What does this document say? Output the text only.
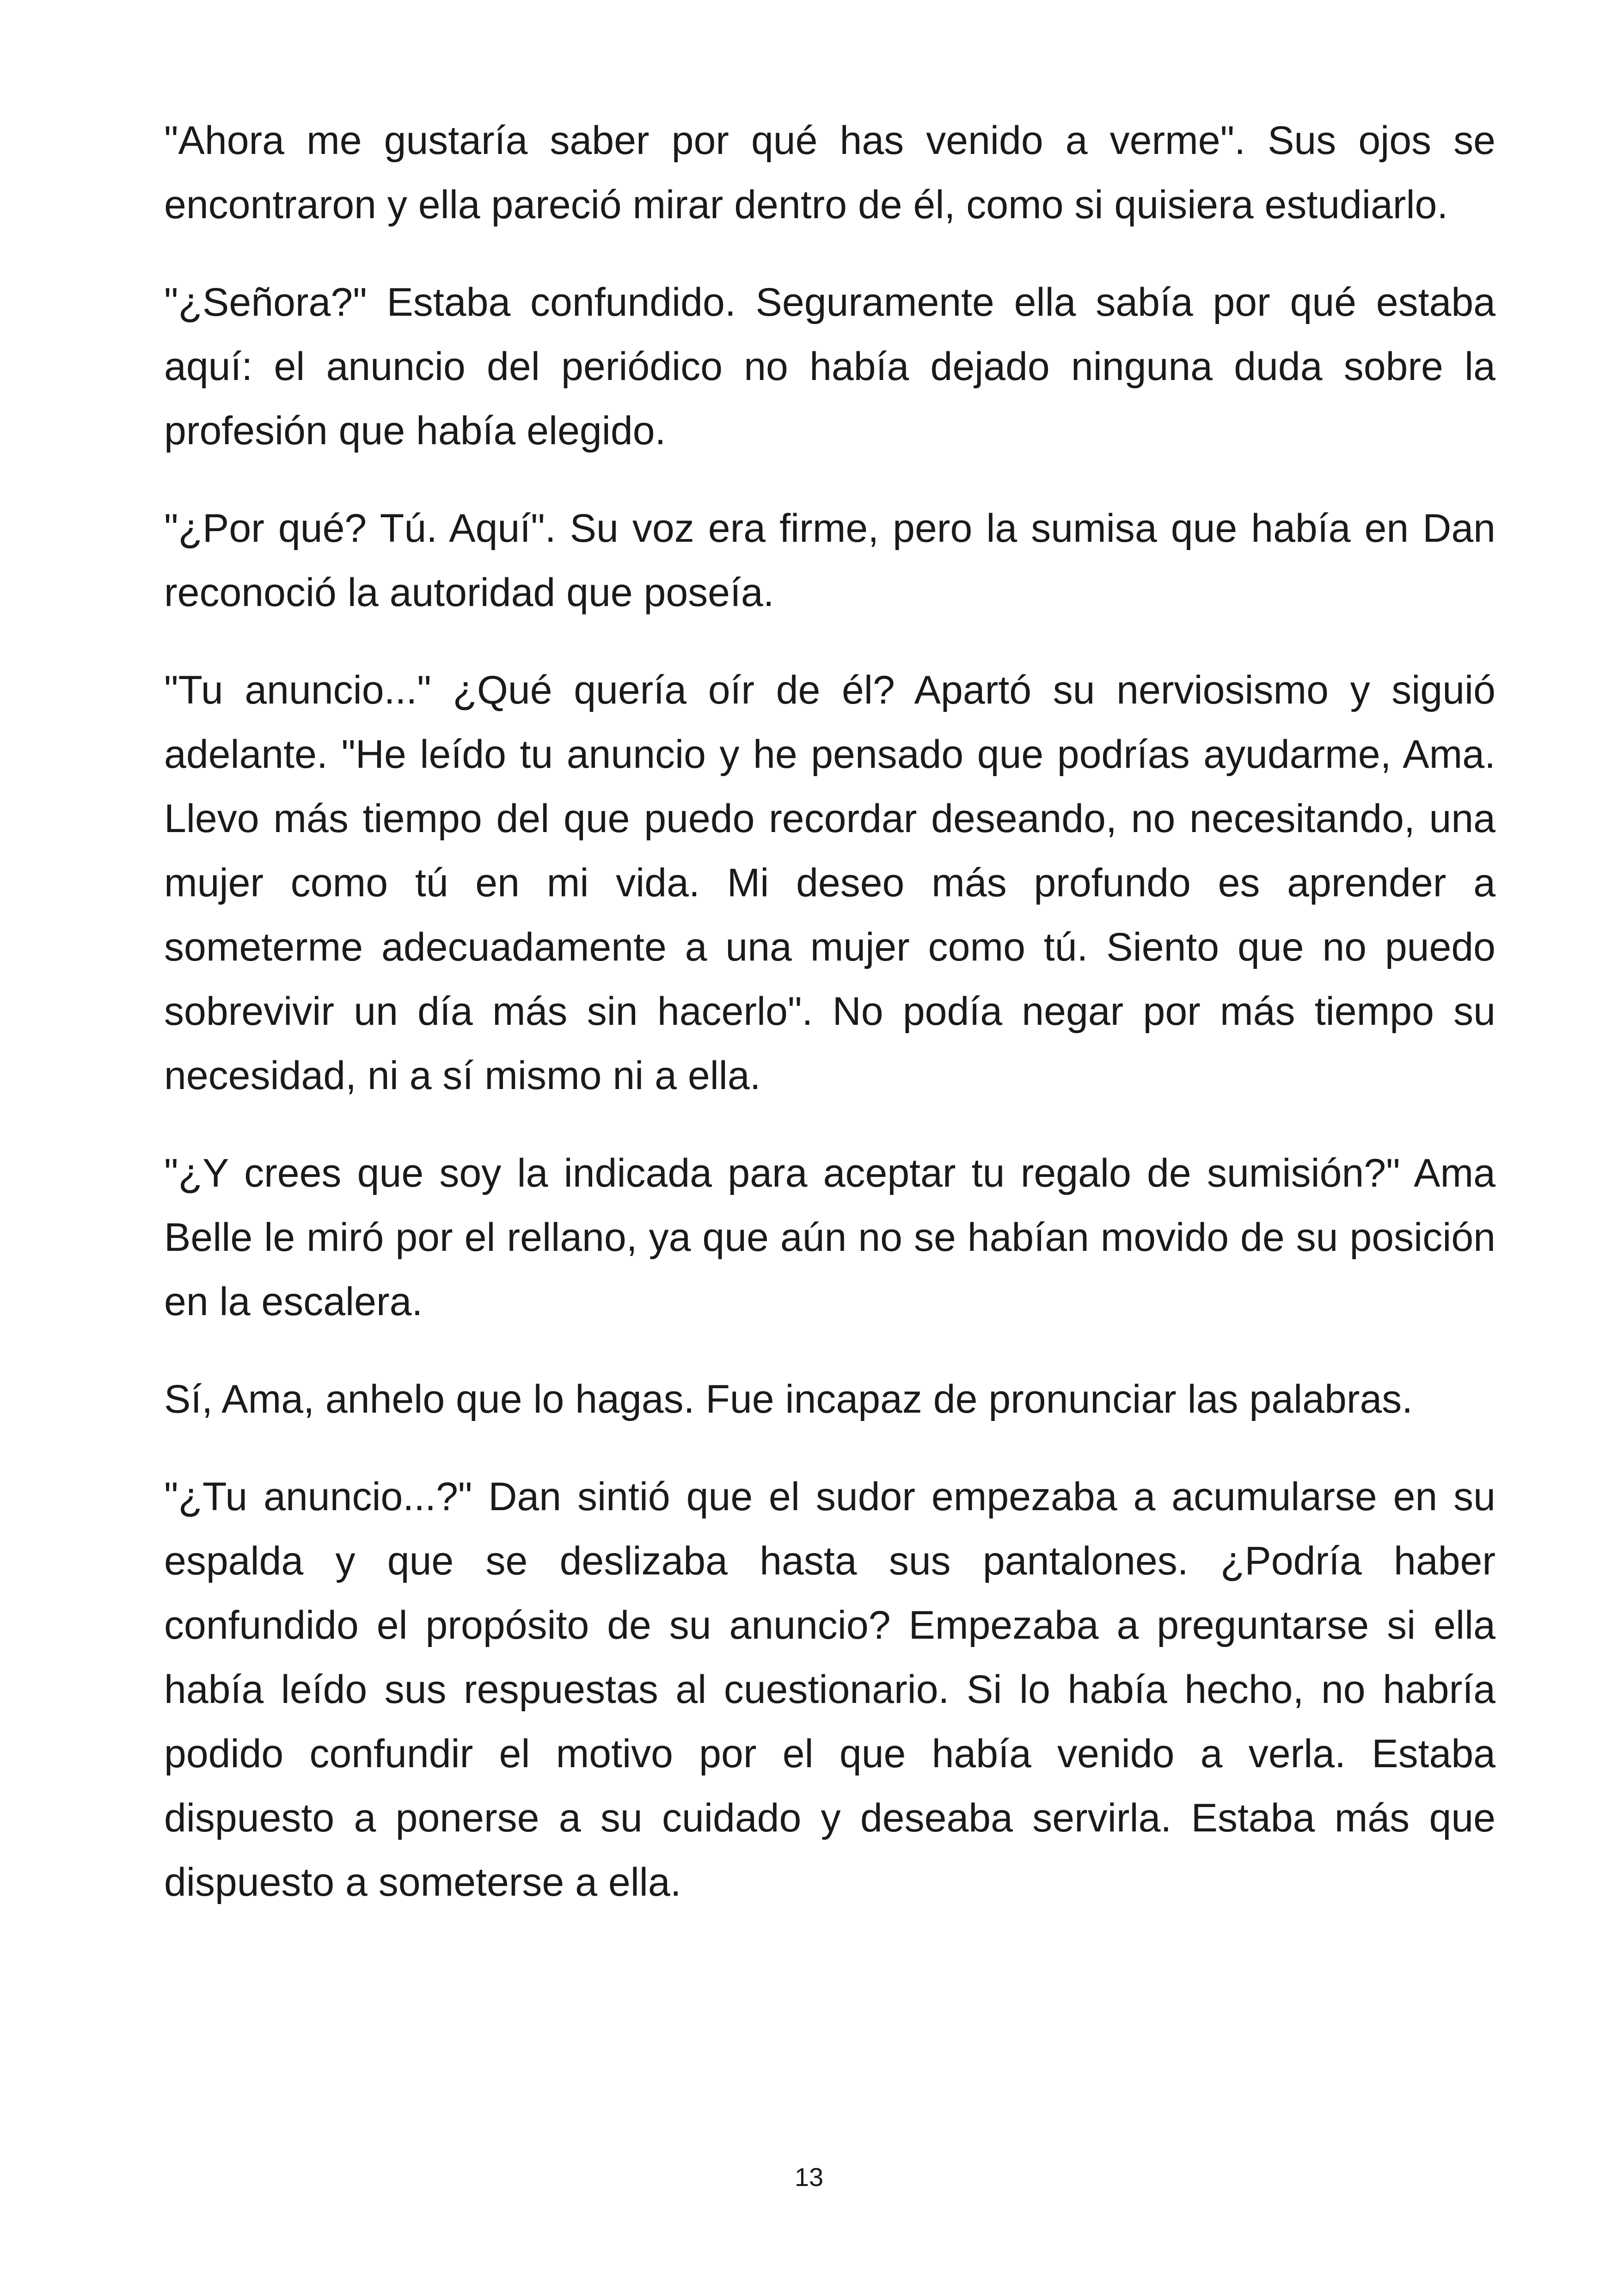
"Ahora me gustaría saber por qué has venido a verme". Sus ojos se encontraron y ella pareció mirar dentro de él, como si quisiera estudiarlo.

"¿Señora?" Estaba confundido. Seguramente ella sabía por qué estaba aquí: el anuncio del periódico no había dejado ninguna duda sobre la profesión que había elegido.

"¿Por qué? Tú. Aquí". Su voz era firme, pero la sumisa que había en Dan reconoció la autoridad que poseía.

"Tu anuncio..." ¿Qué quería oír de él? Apartó su nerviosismo y siguió adelante. "He leído tu anuncio y he pensado que podrías ayudarme, Ama. Llevo más tiempo del que puedo recordar deseando, no necesitando, una mujer como tú en mi vida. Mi deseo más profundo es aprender a someterme adecuadamente a una mujer como tú. Siento que no puedo sobrevivir un día más sin hacerlo". No podía negar por más tiempo su necesidad, ni a sí mismo ni a ella.

"¿Y crees que soy la indicada para aceptar tu regalo de sumisión?" Ama Belle le miró por el rellano, ya que aún no se habían movido de su posición en la escalera.

Sí, Ama, anhelo que lo hagas. Fue incapaz de pronunciar las palabras.

"¿Tu anuncio...?" Dan sintió que el sudor empezaba a acumularse en su espalda y que se deslizaba hasta sus pantalones. ¿Podría haber confundido el propósito de su anuncio? Empezaba a preguntarse si ella había leído sus respuestas al cuestionario. Si lo había hecho, no habría podido confundir el motivo por el que había venido a verla. Estaba dispuesto a ponerse a su cuidado y deseaba servirla. Estaba más que dispuesto a someterse a ella.

13
